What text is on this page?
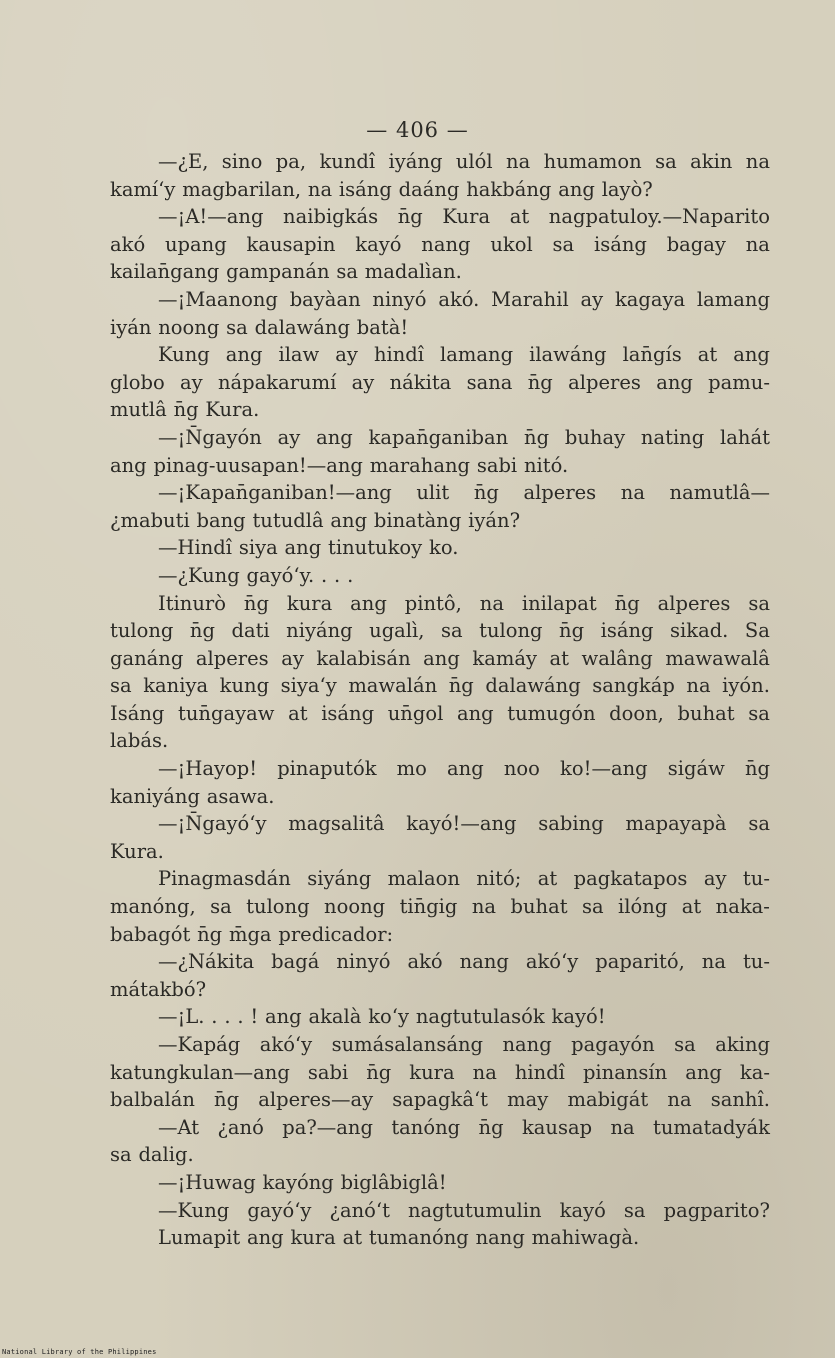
— 406 —
—¿E, sino pa, kundî iyáng ulól na humamon sa akin na
kamí‘y magbarilan, na isáng daáng hakbáng ang layò?
—¡A!—ang naibigkás n̄g Kura at nagpatuloy.—Naparito
akó upang kausapin kayó nang ukol sa isáng bagay na
kailan̄gang gampanán sa madalìan.
—¡Maanong bayàan ninyó akó. Marahil ay kagaya lamang
iyán noong sa dalawáng batà!
Kung ang ilaw ay hindî lamang ilawáng lan̄gís at ang
globo ay nápakarumí ay nákita sana n̄g alperes ang pamu-
mutlâ n̄g Kura.
—¡N̄gayón ay ang kapan̄ganiban n̄g buhay nating lahát
ang pinag-uusapan!—ang marahang sabi nitó.
—¡Kapan̄ganiban!—ang ulit n̄g alperes na namutlâ—
¿mabuti bang tutudlâ ang binatàng iyán?
—Hindî siya ang tinutukoy ko.
—¿Kung gayó‘y. . . .
Itinurò n̄g kura ang pintô, na inilapat n̄g alperes sa
tulong n̄g dati niyáng ugalì, sa tulong n̄g isáng sikad. Sa
ganáng alperes ay kalabisán ang kamáy at walâng mawawalâ
sa kaniya kung siya‘y mawalán n̄g dalawáng sangkáp na iyón.
Isáng tun̄gayaw at isáng un̄gol ang tumugón doon, buhat sa
labás.
—¡Hayop! pinaputók mo ang noo ko!—ang sigáw n̄g
kaniyáng asawa.
—¡N̄gayó‘y magsalitâ kayó!—ang sabing mapayapà sa
Kura.
Pinagmasdán siyáng malaon nitó; at pagkatapos ay tu-
manóng, sa tulong noong tin̄gig na buhat sa ilóng at naka-
babagót n̄g m̄ga predicador:
—¿Nákita bagá ninyó akó nang akó‘y paparitó, na tu-
mátakbó?
—¡L. . . . ! ang akalà ko‘y nagtutulasók kayó!
—Kapág akó‘y sumásalansáng nang pagayón sa aking
katungkulan—ang sabi n̄g kura na hindî pinansín ang ka-
balbalán n̄g alperes—ay sapagkâ‘t may mabigát na sanhî.
—At ¿anó pa?—ang tanóng n̄g kausap na tumatadyák
sa dalig.
—¡Huwag kayóng biglâbiglâ!
—Kung gayó‘y ¿anó‘t nagtutumulin kayó sa pagparito?
Lumapit ang kura at tumanóng nang mahiwagà.
National Library of the Philippines
